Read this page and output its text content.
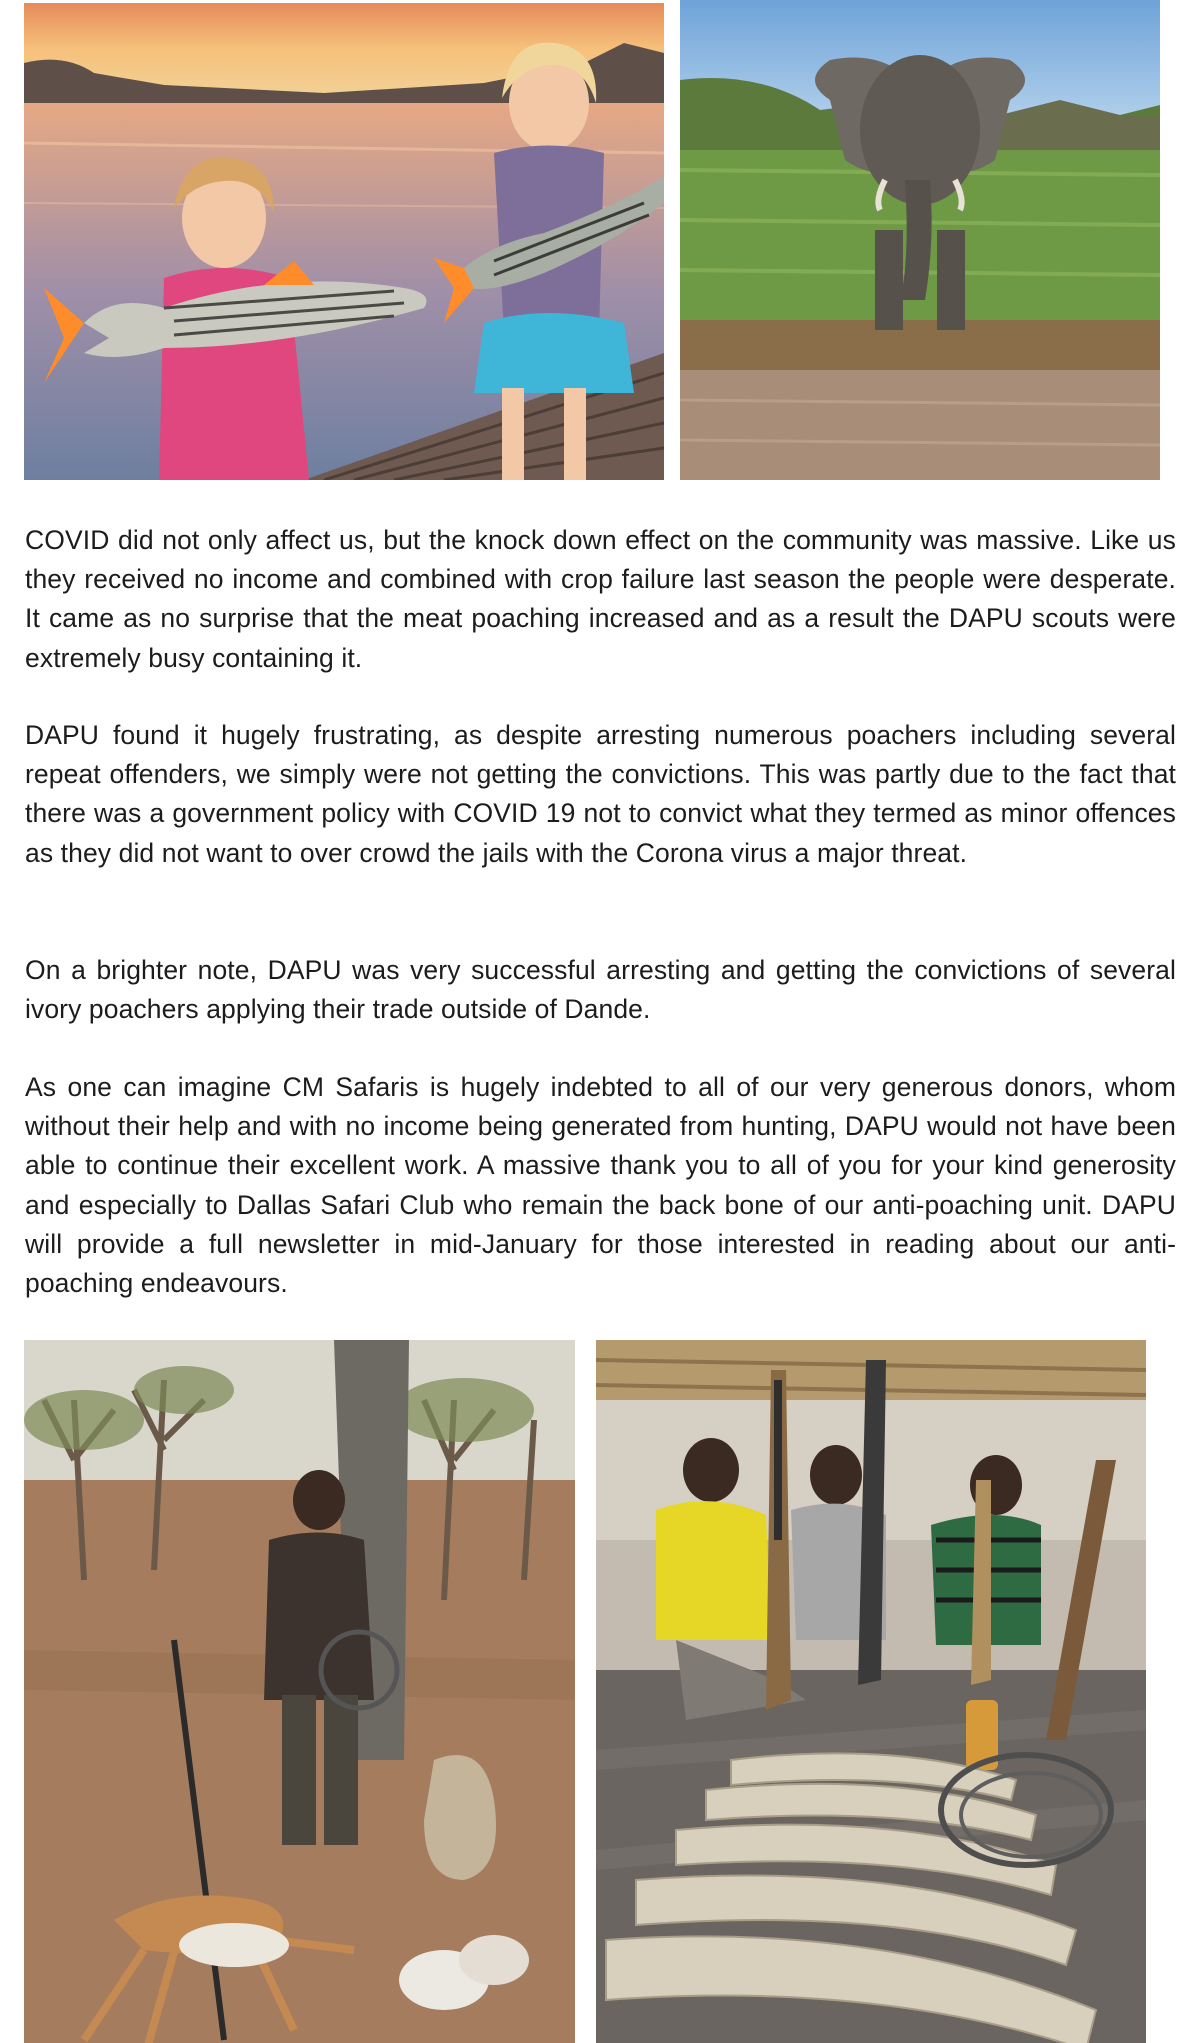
COVID did not only affect us, but the knock down effect on the community was massive. Like us they received no income and combined with crop failure last season the people were desperate. It came as no surprise that the meat poaching increased and as a result the DAPU scouts were extremely busy containing it.
DAPU found it hugely frustrating, as despite arresting numerous poachers including several repeat offenders, we simply were not getting the convictions. This was partly due to the fact that there was a government policy with COVID 19 not to convict what they termed as minor offences as they did not want to over crowd the jails with the Corona virus a major threat.
On a brighter note, DAPU was very successful arresting and getting the convictions of several ivory poachers applying their trade outside of Dande.
As one can imagine CM Safaris is hugely indebted to all of our very generous donors, whom without their help and with no income being generated from hunting, DAPU would not have been able to continue their excellent work. A massive thank you to all of you for your kind generosity and especially to Dallas Safari Club who remain the back bone of our anti-poaching unit. DAPU will provide a full newsletter in mid-January for those interested in reading about our anti-poaching endeavours.
